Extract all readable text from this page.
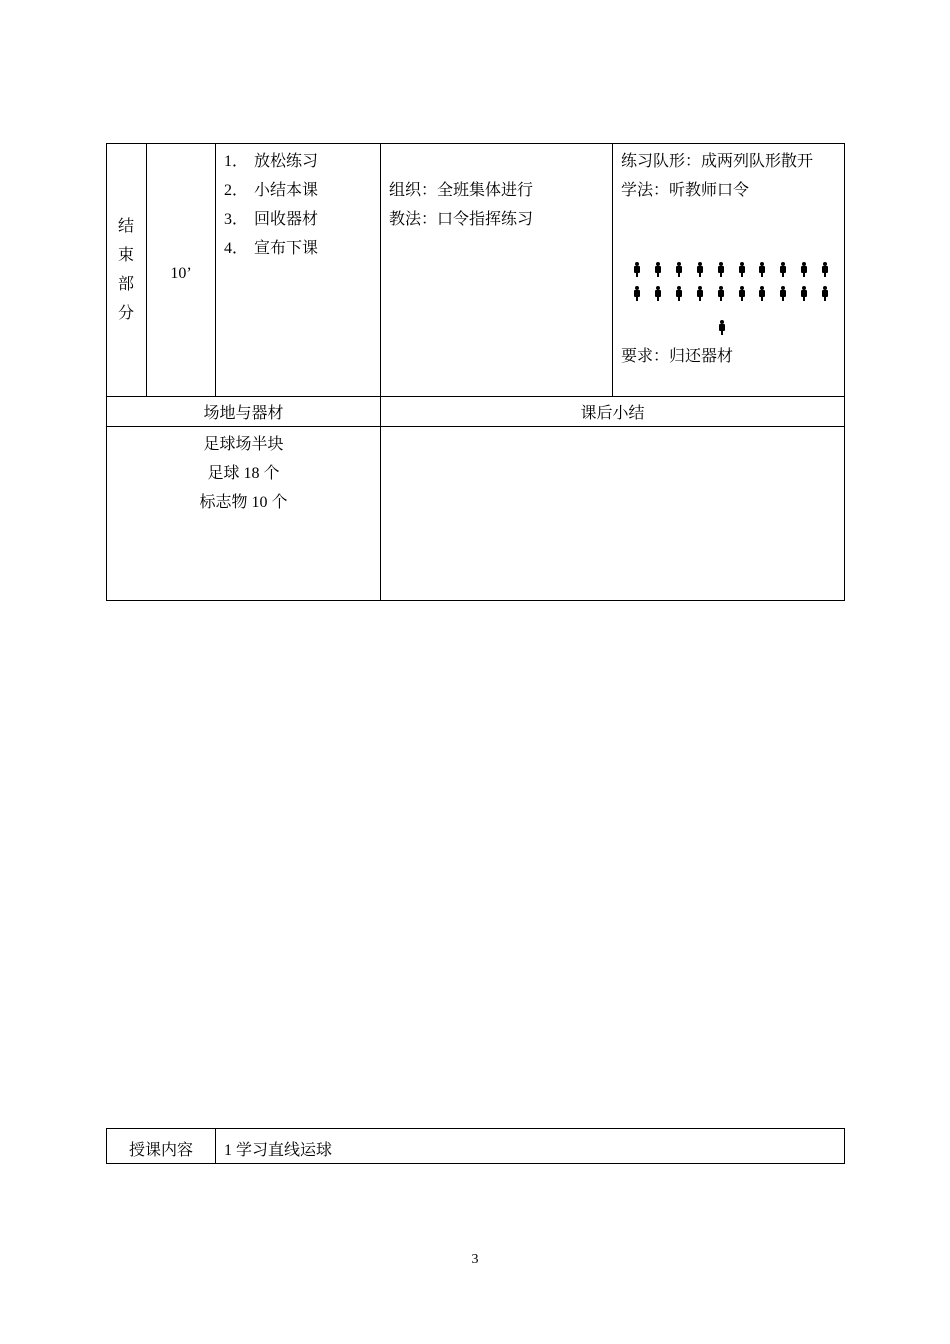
结
束
部
分
10’
1． 放松练习
2． 小结本课
3． 回收器材
4． 宣布下课
组织：全班集体进行
教法：口令指挥练习
练习队形：成两列队形散开
学法：听教师口令
要求：归还器材
场地与器材	课后小结
足球场半块
足球 18 个
标志物 10 个
授课内容	1 学习直线运球
3
